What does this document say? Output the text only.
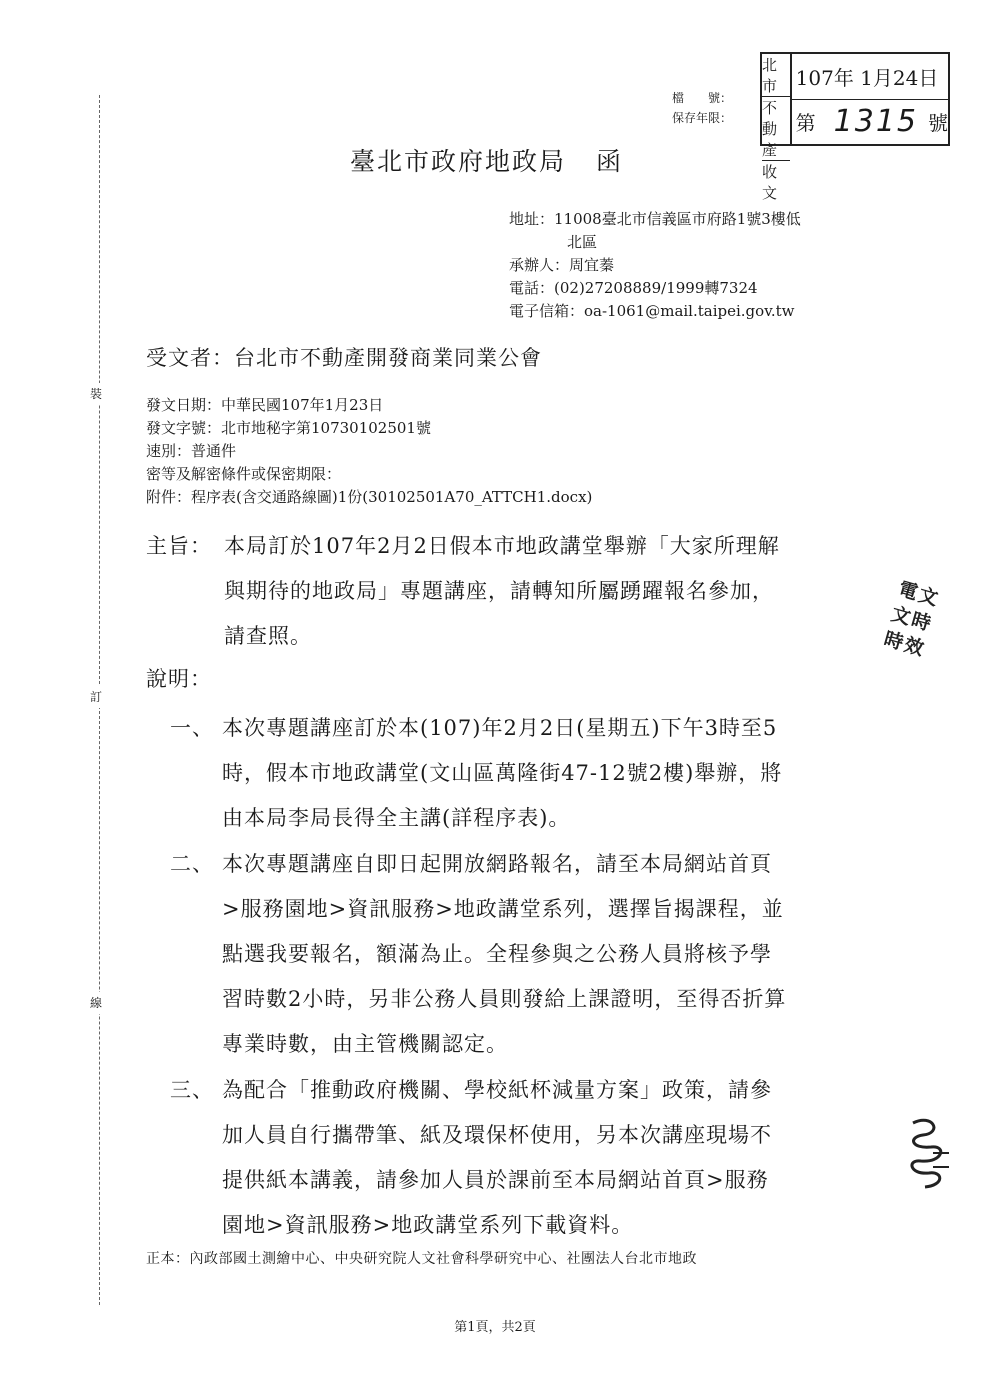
裝
訂
線
檔　　號：
保存年限：
北市
不動產
收文
107年 1月24日
第 1315 號
臺北市政府地政局 函
地址：11008臺北市信義區市府路1號3樓低
北區
承辦人：周宜蓁
電話：(02)27208889/1999轉7324
電子信箱：oa-1061@mail.taipei.gov.tw
受文者：台北市不動產開發商業同業公會
發文日期：中華民國107年1月23日
發文字號：北市地秘字第10730102501號
速別：普通件
密等及解密條件或保密期限：
附件：程序表(含交通路線圖)1份(30102501A70_ATTCH1.docx)
主旨： 本局訂於107年2月2日假本市地政講堂舉辦「大家所理解
與期待的地政局」專題講座，請轉知所屬踴躍報名參加，
請查照。
說明：
一、 本次專題講座訂於本(107)年2月2日(星期五)下午3時至5
時，假本市地政講堂(文山區萬隆街47-12號2樓)舉辦，將
由本局李局長得全主講(詳程序表)。
二、 本次專題講座自即日起開放網路報名，請至本局網站首頁
>服務園地>資訊服務>地政講堂系列，選擇旨揭課程，並
點選我要報名，額滿為止。全程參與之公務人員將核予學
習時數2小時，另非公務人員則發給上課證明，至得否折算
專業時數，由主管機關認定。
三、 為配合「推動政府機關、學校紙杯減量方案」政策，請參
加人員自行攜帶筆、紙及環保杯使用，另本次講座現場不
提供紙本講義，請參加人員於課前至本局網站首頁>服務
園地>資訊服務>地政講堂系列下載資料。
正本：內政部國土測繪中心、中央研究院人文社會科學研究中心、社團法人台北市地政
第1頁，共2頁
電文
文時
時效
